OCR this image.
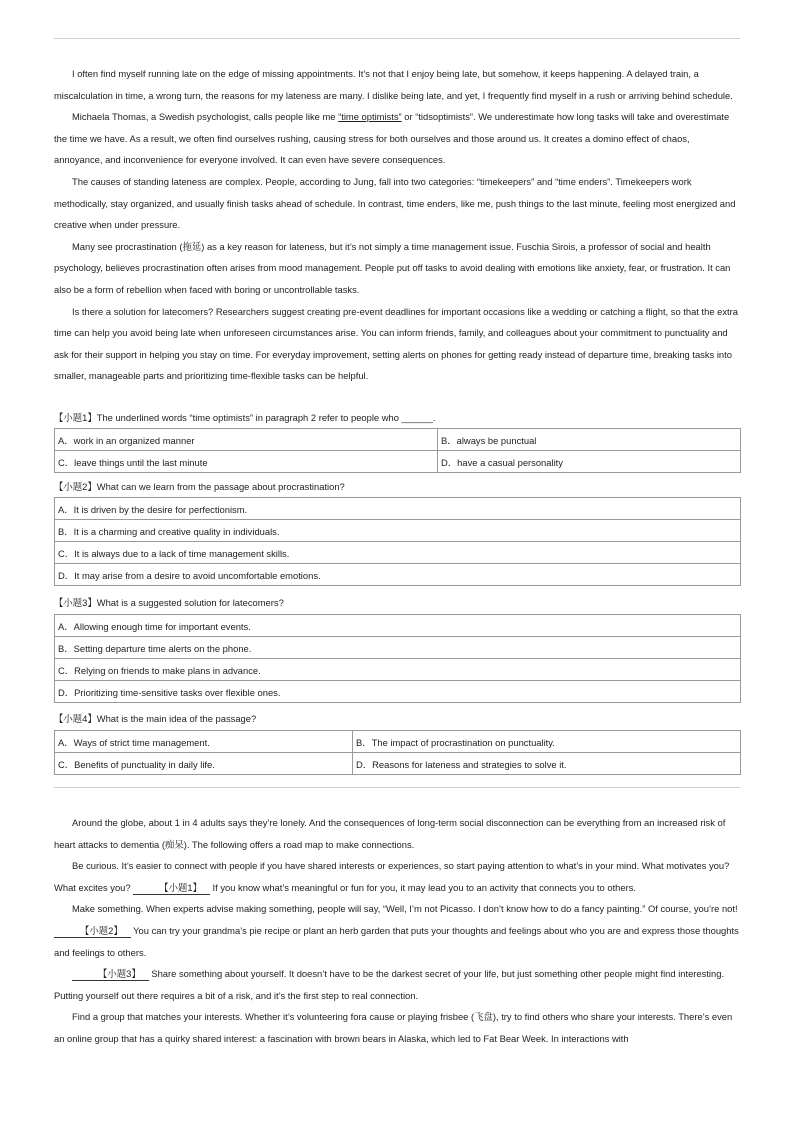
I often find myself running late on the edge of missing appointments. It’s not that I enjoy being late, but somehow, it keeps happening. A delayed train, a miscalculation in time, a wrong turn, the reasons for my lateness are many. I dislike being late, and yet, I frequently find myself in a rush or arriving behind schedule.

Michaela Thomas, a Swedish psychologist, calls people like me “time optimists” or “tidsoptimists”. We underestimate how long tasks will take and overestimate the time we have. As a result, we often find ourselves rushing, causing stress for both ourselves and those around us. It creates a domino effect of chaos, annoyance, and inconvenience for everyone involved. It can even have severe consequences.

The causes of standing lateness are complex. People, according to Jung, fall into two categories: “timekeepers” and “time enders”. Timekeepers work methodically, stay organized, and usually finish tasks ahead of schedule. In contrast, time enders, like me, push things to the last minute, feeling most energized and creative when under pressure.

Many see procrastination (拖延) as a key reason for lateness, but it’s not simply a time management issue. Fuschia Sirois, a professor of social and health psychology, believes procrastination often arises from mood management. People put off tasks to avoid dealing with emotions like anxiety, fear, or frustration. It can also be a form of rebellion when faced with boring or uncontrollable tasks.

Is there a solution for latecomers? Researchers suggest creating pre-event deadlines for important occasions like a wedding or catching a flight, so that the extra time can help you avoid being late when unforeseen circumstances arise. You can inform friends, family, and colleagues about your commitment to punctuality and ask for their support in helping you stay on time. For everyday improvement, setting alerts on phones for getting ready instead of departure time, breaking tasks into smaller, manageable parts and prioritizing time-flexible tasks can be helpful.

【小题1】The underlined words “time optimists” in paragraph 2 refer to people who ______.
A．work in an organized manner	B．always be punctual
C．leave things until the last minute	D．have a casual personality
【小题2】What can we learn from the passage about procrastination?
A．It is driven by the desire for perfectionism.
B．It is a charming and creative quality in individuals.
C．It is always due to a lack of time management skills.
D．It may arise from a desire to avoid uncomfortable emotions.
【小题3】What is a suggested solution for latecomers?
A．Allowing enough time for important events.
B．Setting departure time alerts on the phone.
C．Relying on friends to make plans in advance.
D．Prioritizing time-sensitive tasks over flexible ones.
【小题4】What is the main idea of the passage?
A．Ways of strict time management.	B．The impact of procrastination on punctuality.
C．Benefits of punctuality in daily life.	D．Reasons for lateness and strategies to solve it.

Around the globe, about 1 in 4 adults says they’re lonely. And the consequences of long-term social disconnection can be everything from an increased risk of heart attacks to dementia (痴呆). The following offers a road map to make connections.

Be curious. It’s easier to connect with people if you have shared interests or experiences, so start paying attention to what’s in your mind. What motivates you? What excites you?	【小题1】 If you know what’s meaningful or fun for you, it may lead you to an activity that connects you to others.

Make something. When experts advise making something, people will say, “Well, I’m not Picasso. I don’t know how to do a fancy painting.” Of course, you’re not! 【小题2】 You can try your grandma’s pie recipe or plant an herb garden that puts your thoughts and feelings about who you are and express those thoughts and feelings to others.

【小题3】 Share something about yourself. It doesn’t have to be the darkest secret of your life, but just something other people might find interesting. Putting yourself out there requires a bit of a risk, and it’s the first step to real connection.

Find a group that matches your interests. Whether it’s volunteering fora cause or playing frisbee (飞盘), try to find others who share your interests. There’s even an online group that has a quirky shared interest: a fascination with brown bears in Alaska, which led to Fat Bear Week. In interactions with
